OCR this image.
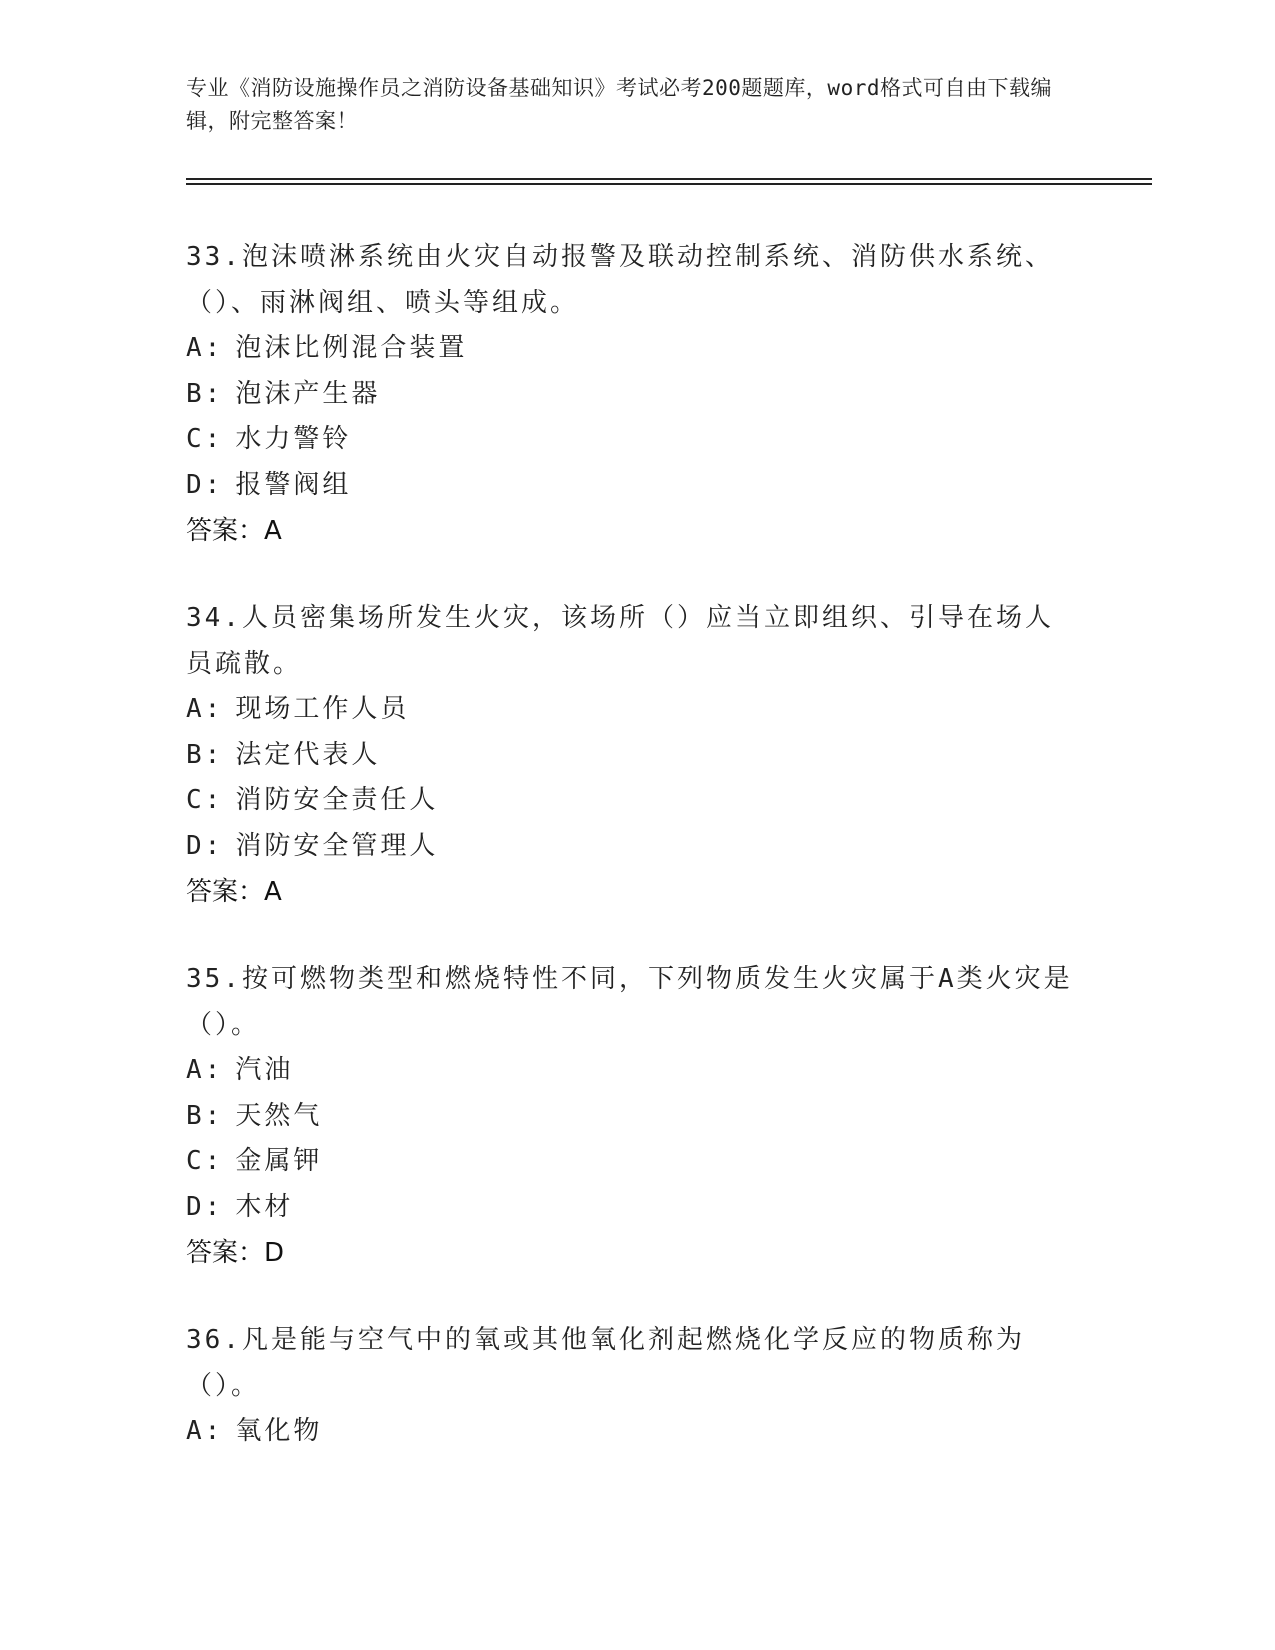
专业《消防设施操作员之消防设备基础知识》考试必考200题题库，word格式可自由下载编辑，附完整答案！
33.泡沫喷淋系统由火灾自动报警及联动控制系统、消防供水系统、（）、雨淋阀组、喷头等组成。
A: 泡沫比例混合装置
B: 泡沫产生器
C: 水力警铃
D: 报警阀组
答案：A
34.人员密集场所发生火灾，该场所（）应当立即组织、引导在场人员疏散。
A: 现场工作人员
B: 法定代表人
C: 消防安全责任人
D: 消防安全管理人
答案：A
35.按可燃物类型和燃烧特性不同，下列物质发生火灾属于A类火灾是（）。
A: 汽油
B: 天然气
C: 金属钾
D: 木材
答案：D
36.凡是能与空气中的氧或其他氧化剂起燃烧化学反应的物质称为（）。
A: 氧化物
